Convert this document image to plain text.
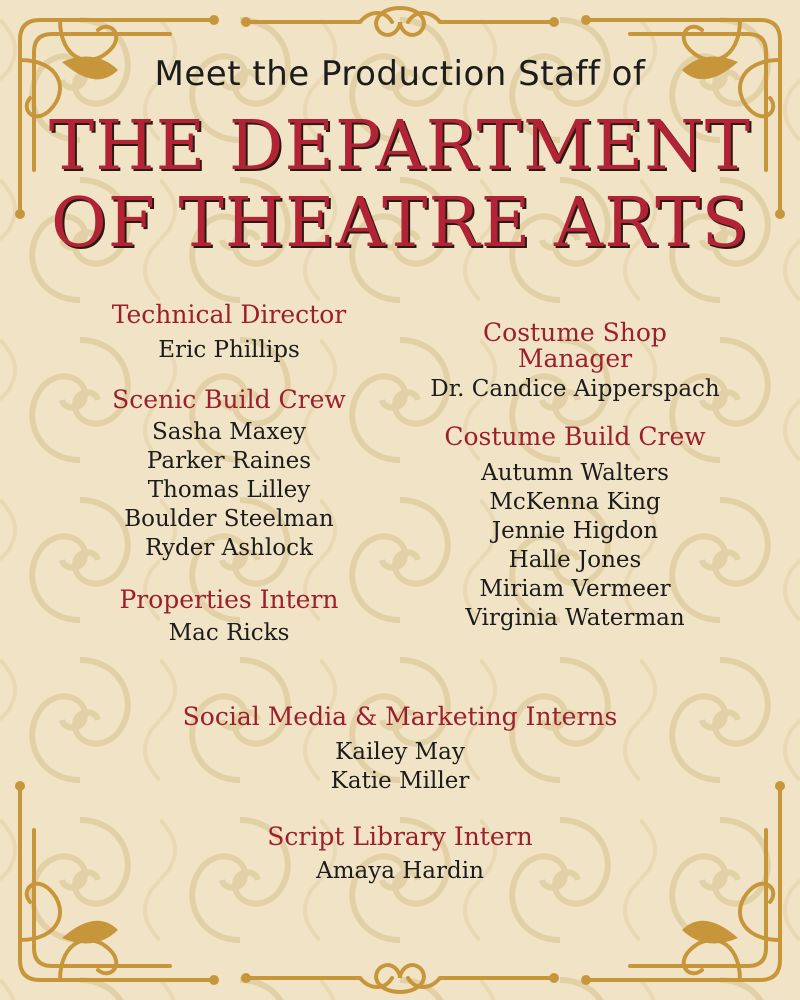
Meet the Production Staff of
THE DEPARTMENT
OF THEATRE ARTS
Technical Director
Eric Phillips
Scenic Build Crew
Sasha Maxey
Parker Raines
Thomas Lilley
Boulder Steelman
Ryder Ashlock
Properties Intern
Mac Ricks
Costume Shop
Manager
Dr. Candice Aipperspach
Costume Build Crew
Autumn Walters
McKenna King
Jennie Higdon
Halle Jones
Miriam Vermeer
Virginia Waterman
Social Media & Marketing Interns
Kailey May
Katie Miller
Script Library Intern
Amaya Hardin
